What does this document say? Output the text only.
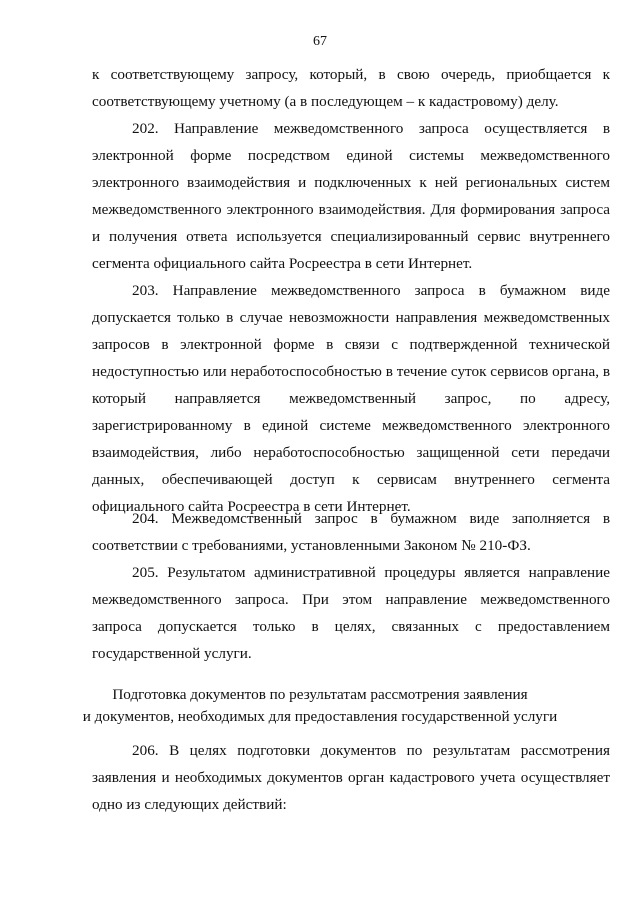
67
к соответствующему запросу, который, в свою очередь, приобщается к соответствующему учетному (а в последующем – к кадастровому) делу.
202. Направление межведомственного запроса осуществляется в электронной форме посредством единой системы межведомственного электронного взаимодействия и подключенных к ней региональных систем межведомственного электронного взаимодействия. Для формирования запроса и получения ответа используется специализированный сервис внутреннего сегмента официального сайта Росреестра в сети Интернет.
203. Направление межведомственного запроса в бумажном виде допускается только в случае невозможности направления межведомственных запросов в электронной форме в связи с подтвержденной технической недоступностью или неработоспособностью в течение суток сервисов органа, в который направляется межведомственный запрос, по адресу, зарегистрированному в единой системе межведомственного электронного взаимодействия, либо неработоспособностью защищенной сети передачи данных, обеспечивающей доступ к сервисам внутреннего сегмента официального сайта Росреестра в сети Интернет.
204. Межведомственный запрос в бумажном виде заполняется в соответствии с требованиями, установленными Законом № 210-ФЗ.
205. Результатом административной процедуры является направление межведомственного запроса. При этом направление межведомственного запроса допускается только в целях, связанных с предоставлением государственной услуги.
Подготовка документов по результатам рассмотрения заявления
и документов, необходимых для предоставления государственной услуги
206. В целях подготовки документов по результатам рассмотрения заявления и необходимых документов орган кадастрового учета осуществляет одно из следующих действий:
